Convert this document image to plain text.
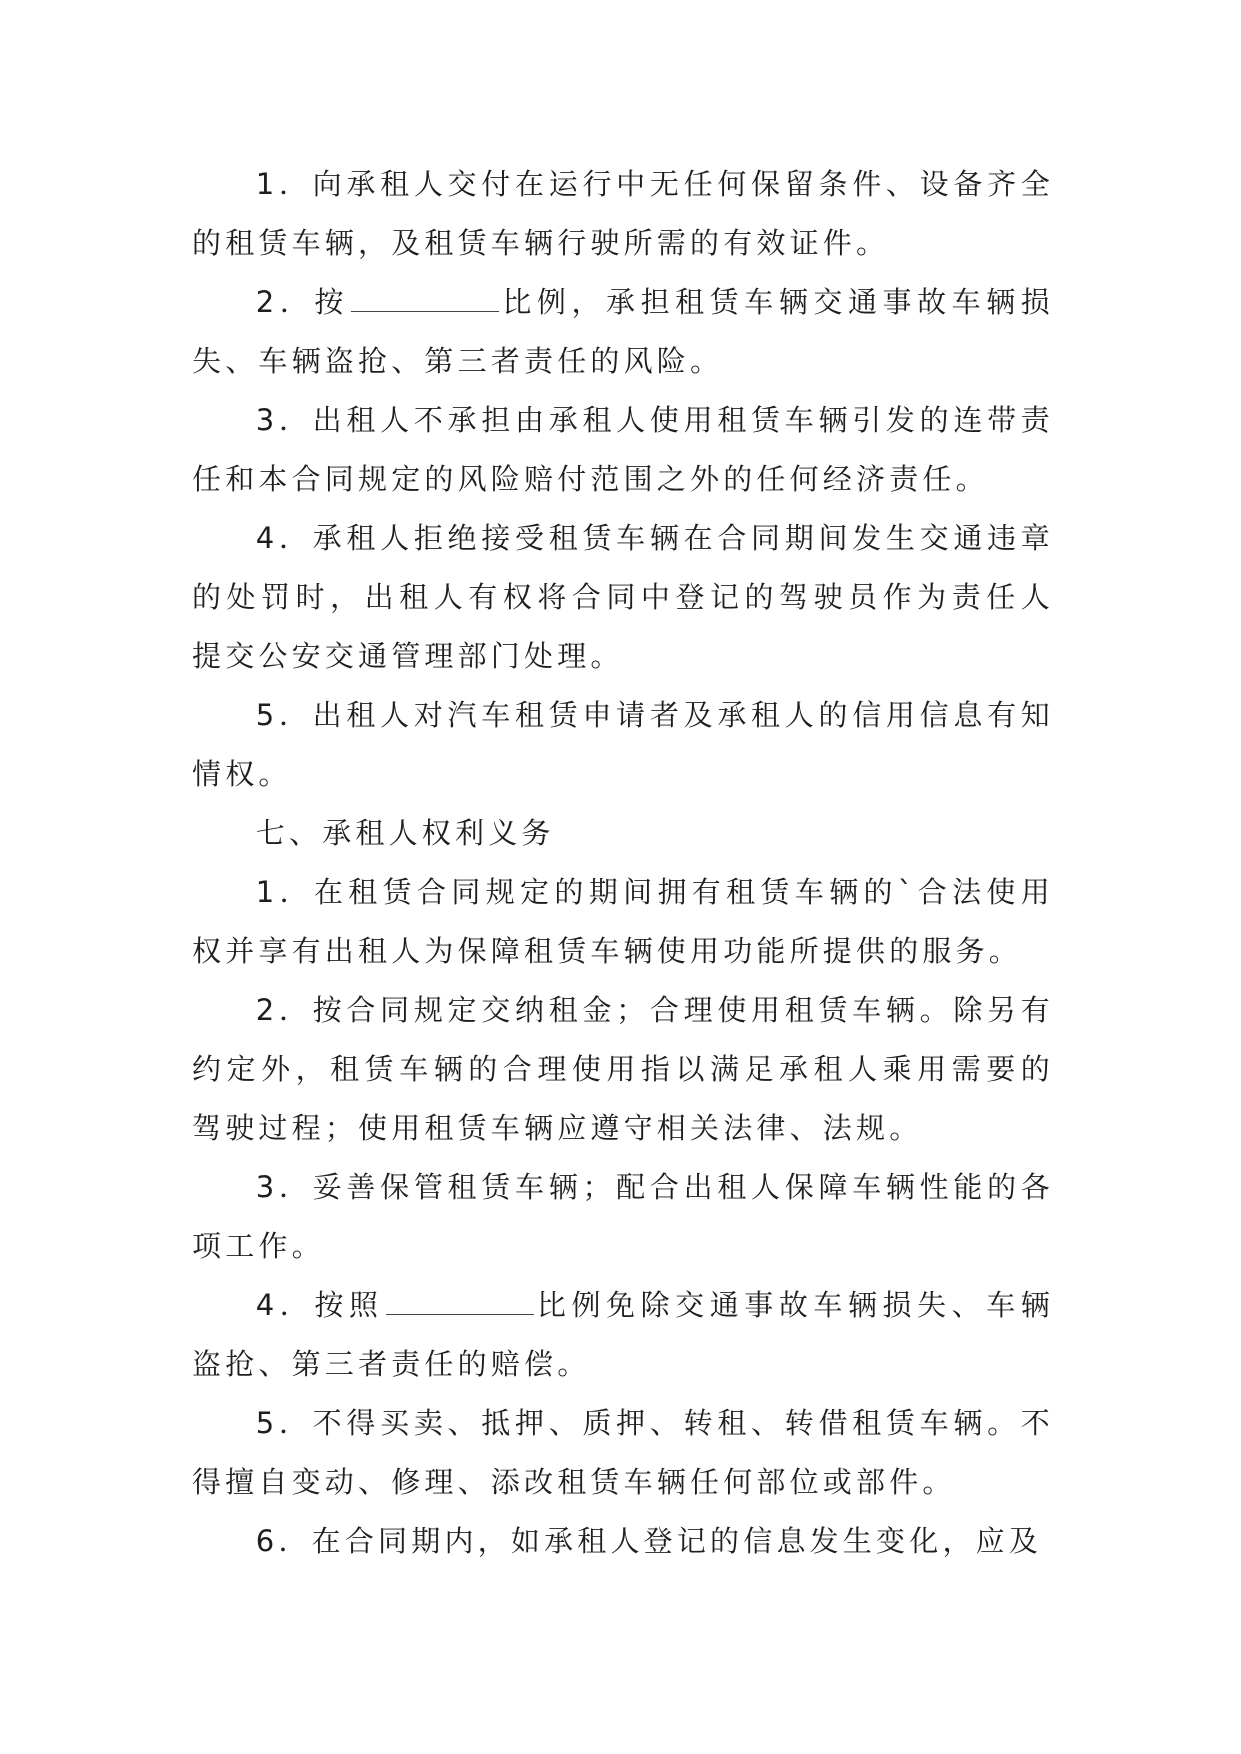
1．向承租人交付在运行中无任何保留条件、设备齐全的租赁车辆，及租赁车辆行驶所需的有效证件。

2．按	比例，承担租赁车辆交通事故车辆损失、车辆盗抢、第三者责任的风险。

3．出租人不承担由承租人使用租赁车辆引发的连带责任和本合同规定的风险赔付范围之外的任何经济责任。

4．承租人拒绝接受租赁车辆在合同期间发生交通违章的处罚时，出租人有权将合同中登记的驾驶员作为责任人提交公安交通管理部门处理。

5．出租人对汽车租赁申请者及承租人的信用信息有知情权。

七、承租人权利义务

1．在租赁合同规定的期间拥有租赁车辆的`合法使用权并享有出租人为保障租赁车辆使用功能所提供的服务。

2．按合同规定交纳租金；合理使用租赁车辆。除另有约定外，租赁车辆的合理使用指以满足承租人乘用需要的驾驶过程；使用租赁车辆应遵守相关法律、法规。

3．妥善保管租赁车辆；配合出租人保障车辆性能的各项工作。

4．按照	比例免除交通事故车辆损失、车辆盗抢、第三者责任的赔偿。

5．不得买卖、抵押、质押、转租、转借租赁车辆。不得擅自变动、修理、添改租赁车辆任何部位或部件。

6．在合同期内，如承租人登记的信息发生变化，应及
